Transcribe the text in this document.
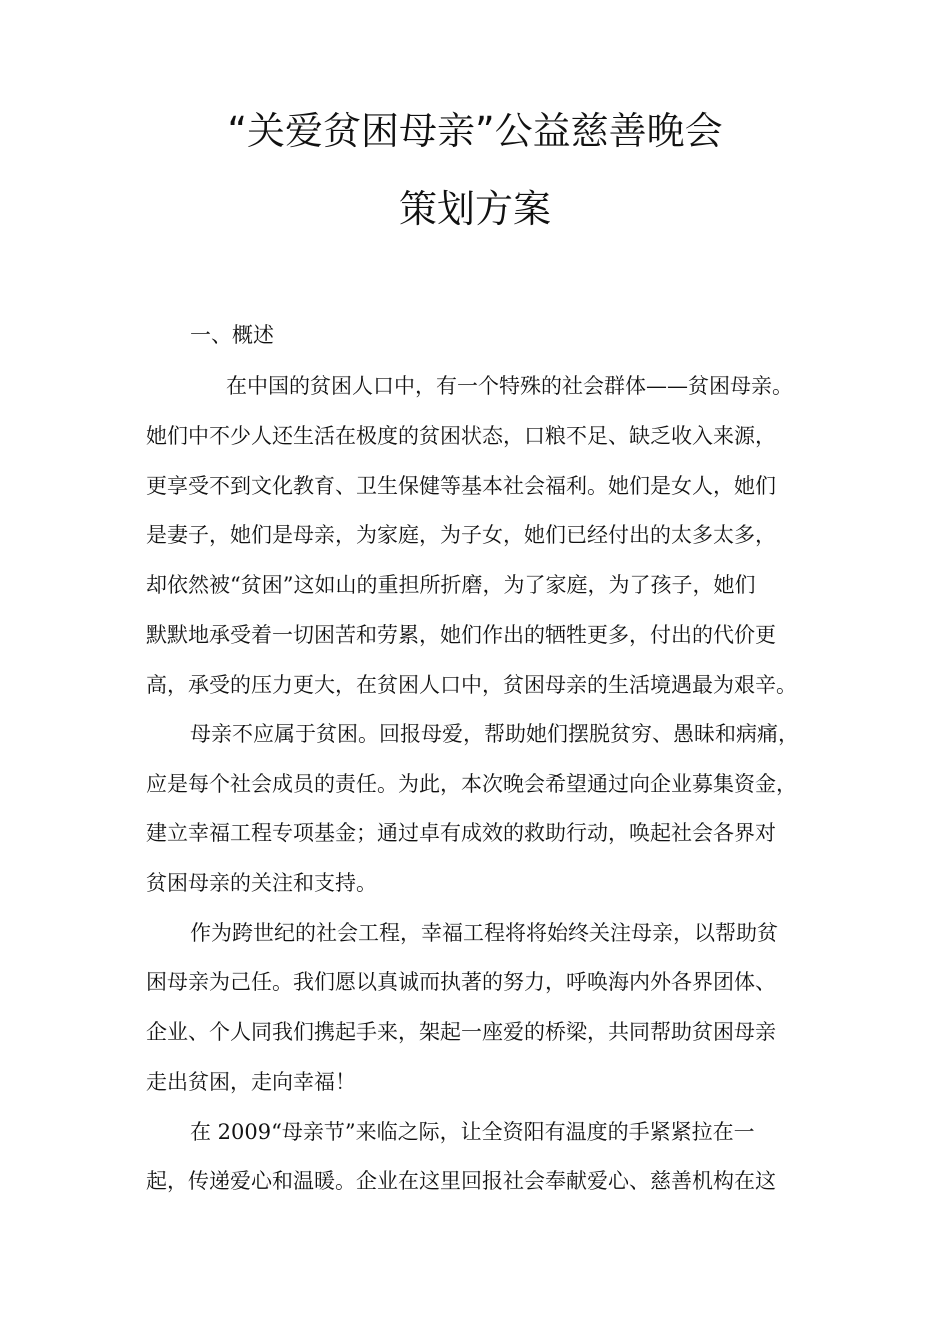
“关爱贫困母亲”公益慈善晚会
策划方案
一、概述
在中国的贫困人口中，有一个特殊的社会群体——贫困母亲。
她们中不少人还生活在极度的贫困状态，口粮不足、缺乏收入来源，
更享受不到文化教育、卫生保健等基本社会福利。她们是女人，她们
是妻子，她们是母亲，为家庭，为子女，她们已经付出的太多太多，
却依然被“贫困”这如山的重担所折磨，为了家庭，为了孩子，她们
默默地承受着一切困苦和劳累，她们作出的牺牲更多，付出的代价更
高，承受的压力更大，在贫困人口中，贫困母亲的生活境遇最为艰辛。
母亲不应属于贫困。回报母爱，帮助她们摆脱贫穷、愚昧和病痛，
应是每个社会成员的责任。为此，本次晚会希望通过向企业募集资金，
建立幸福工程专项基金；通过卓有成效的救助行动，唤起社会各界对
贫困母亲的关注和支持。
作为跨世纪的社会工程，幸福工程将将始终关注母亲，以帮助贫
困母亲为己任。我们愿以真诚而执著的努力，呼唤海内外各界团体、
企业、个人同我们携起手来，架起一座爱的桥梁，共同帮助贫困母亲
走出贫困，走向幸福！
在 2009“母亲节”来临之际，让全资阳有温度的手紧紧拉在一
起，传递爱心和温暖。企业在这里回报社会奉献爱心、慈善机构在这
